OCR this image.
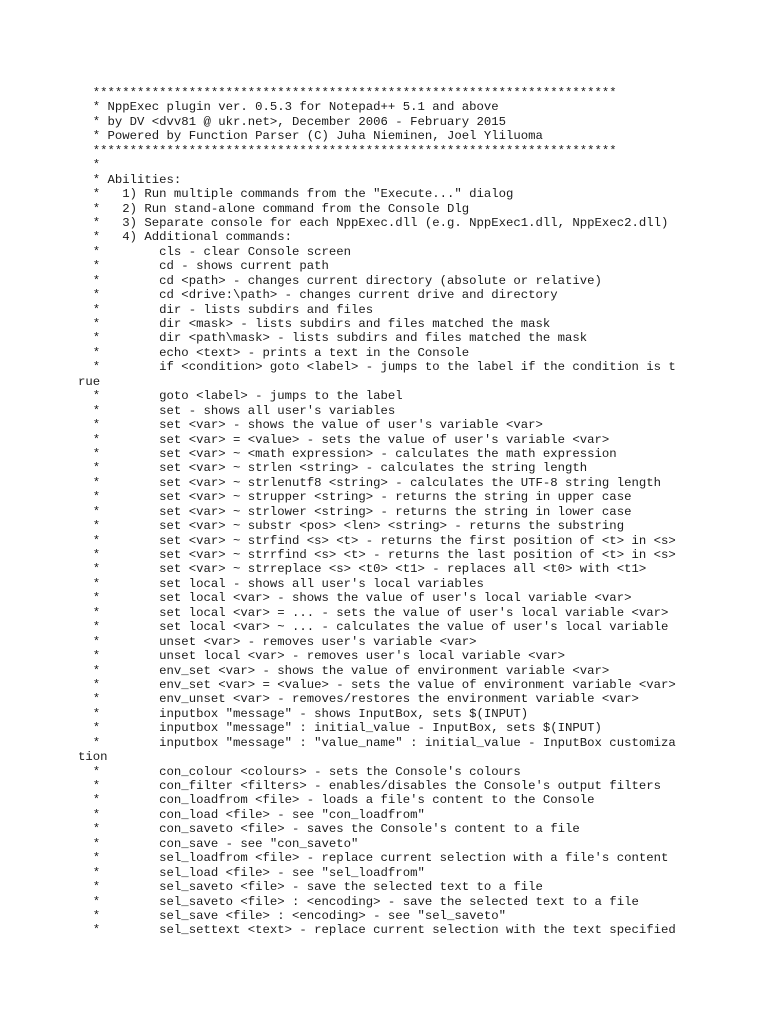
***********************************************************************
* NppExec plugin ver. 0.5.3 for Notepad++ 5.1 and above
* by DV <dvv81 @ ukr.net>, December 2006 - February 2015
* Powered by Function Parser (C) Juha Nieminen, Joel Yliluoma
***********************************************************************
*
* Abilities:
*   1) Run multiple commands from the "Execute..." dialog
*   2) Run stand-alone command from the Console Dlg
*   3) Separate console for each NppExec.dll (e.g. NppExec1.dll, NppExec2.dll)
*   4) Additional commands:
*        cls - clear Console screen
*        cd - shows current path
*        cd <path> - changes current directory (absolute or relative)
*        cd <drive:\path> - changes current drive and directory
*        dir - lists subdirs and files
*        dir <mask> - lists subdirs and files matched the mask
*        dir <path\mask> - lists subdirs and files matched the mask
*        echo <text> - prints a text in the Console
*        if <condition> goto <label> - jumps to the label if the condition is t
rue
*        goto <label> - jumps to the label
*        set - shows all user's variables
*        set <var> - shows the value of user's variable <var>
*        set <var> = <value> - sets the value of user's variable <var>
*        set <var> ~ <math expression> - calculates the math expression
*        set <var> ~ strlen <string> - calculates the string length
*        set <var> ~ strlenutf8 <string> - calculates the UTF-8 string length
*        set <var> ~ strupper <string> - returns the string in upper case
*        set <var> ~ strlower <string> - returns the string in lower case
*        set <var> ~ substr <pos> <len> <string> - returns the substring
*        set <var> ~ strfind <s> <t> - returns the first position of <t> in <s>
*        set <var> ~ strrfind <s> <t> - returns the last position of <t> in <s>
*        set <var> ~ strreplace <s> <t0> <t1> - replaces all <t0> with <t1>
*        set local - shows all user's local variables
*        set local <var> - shows the value of user's local variable <var>
*        set local <var> = ... - sets the value of user's local variable <var>
*        set local <var> ~ ... - calculates the value of user's local variable
*        unset <var> - removes user's variable <var>
*        unset local <var> - removes user's local variable <var>
*        env_set <var> - shows the value of environment variable <var>
*        env_set <var> = <value> - sets the value of environment variable <var>
*        env_unset <var> - removes/restores the environment variable <var>
*        inputbox "message" - shows InputBox, sets $(INPUT)
*        inputbox "message" : initial_value - InputBox, sets $(INPUT)
*        inputbox "message" : "value_name" : initial_value - InputBox customiza
tion
*        con_colour <colours> - sets the Console's colours
*        con_filter <filters> - enables/disables the Console's output filters
*        con_loadfrom <file> - loads a file's content to the Console
*        con_load <file> - see "con_loadfrom"
*        con_saveto <file> - saves the Console's content to a file
*        con_save - see "con_saveto"
*        sel_loadfrom <file> - replace current selection with a file's content
*        sel_load <file> - see "sel_loadfrom"
*        sel_saveto <file> - save the selected text to a file
*        sel_saveto <file> : <encoding> - save the selected text to a file
*        sel_save <file> : <encoding> - see "sel_saveto"
*        sel_settext <text> - replace current selection with the text specified
